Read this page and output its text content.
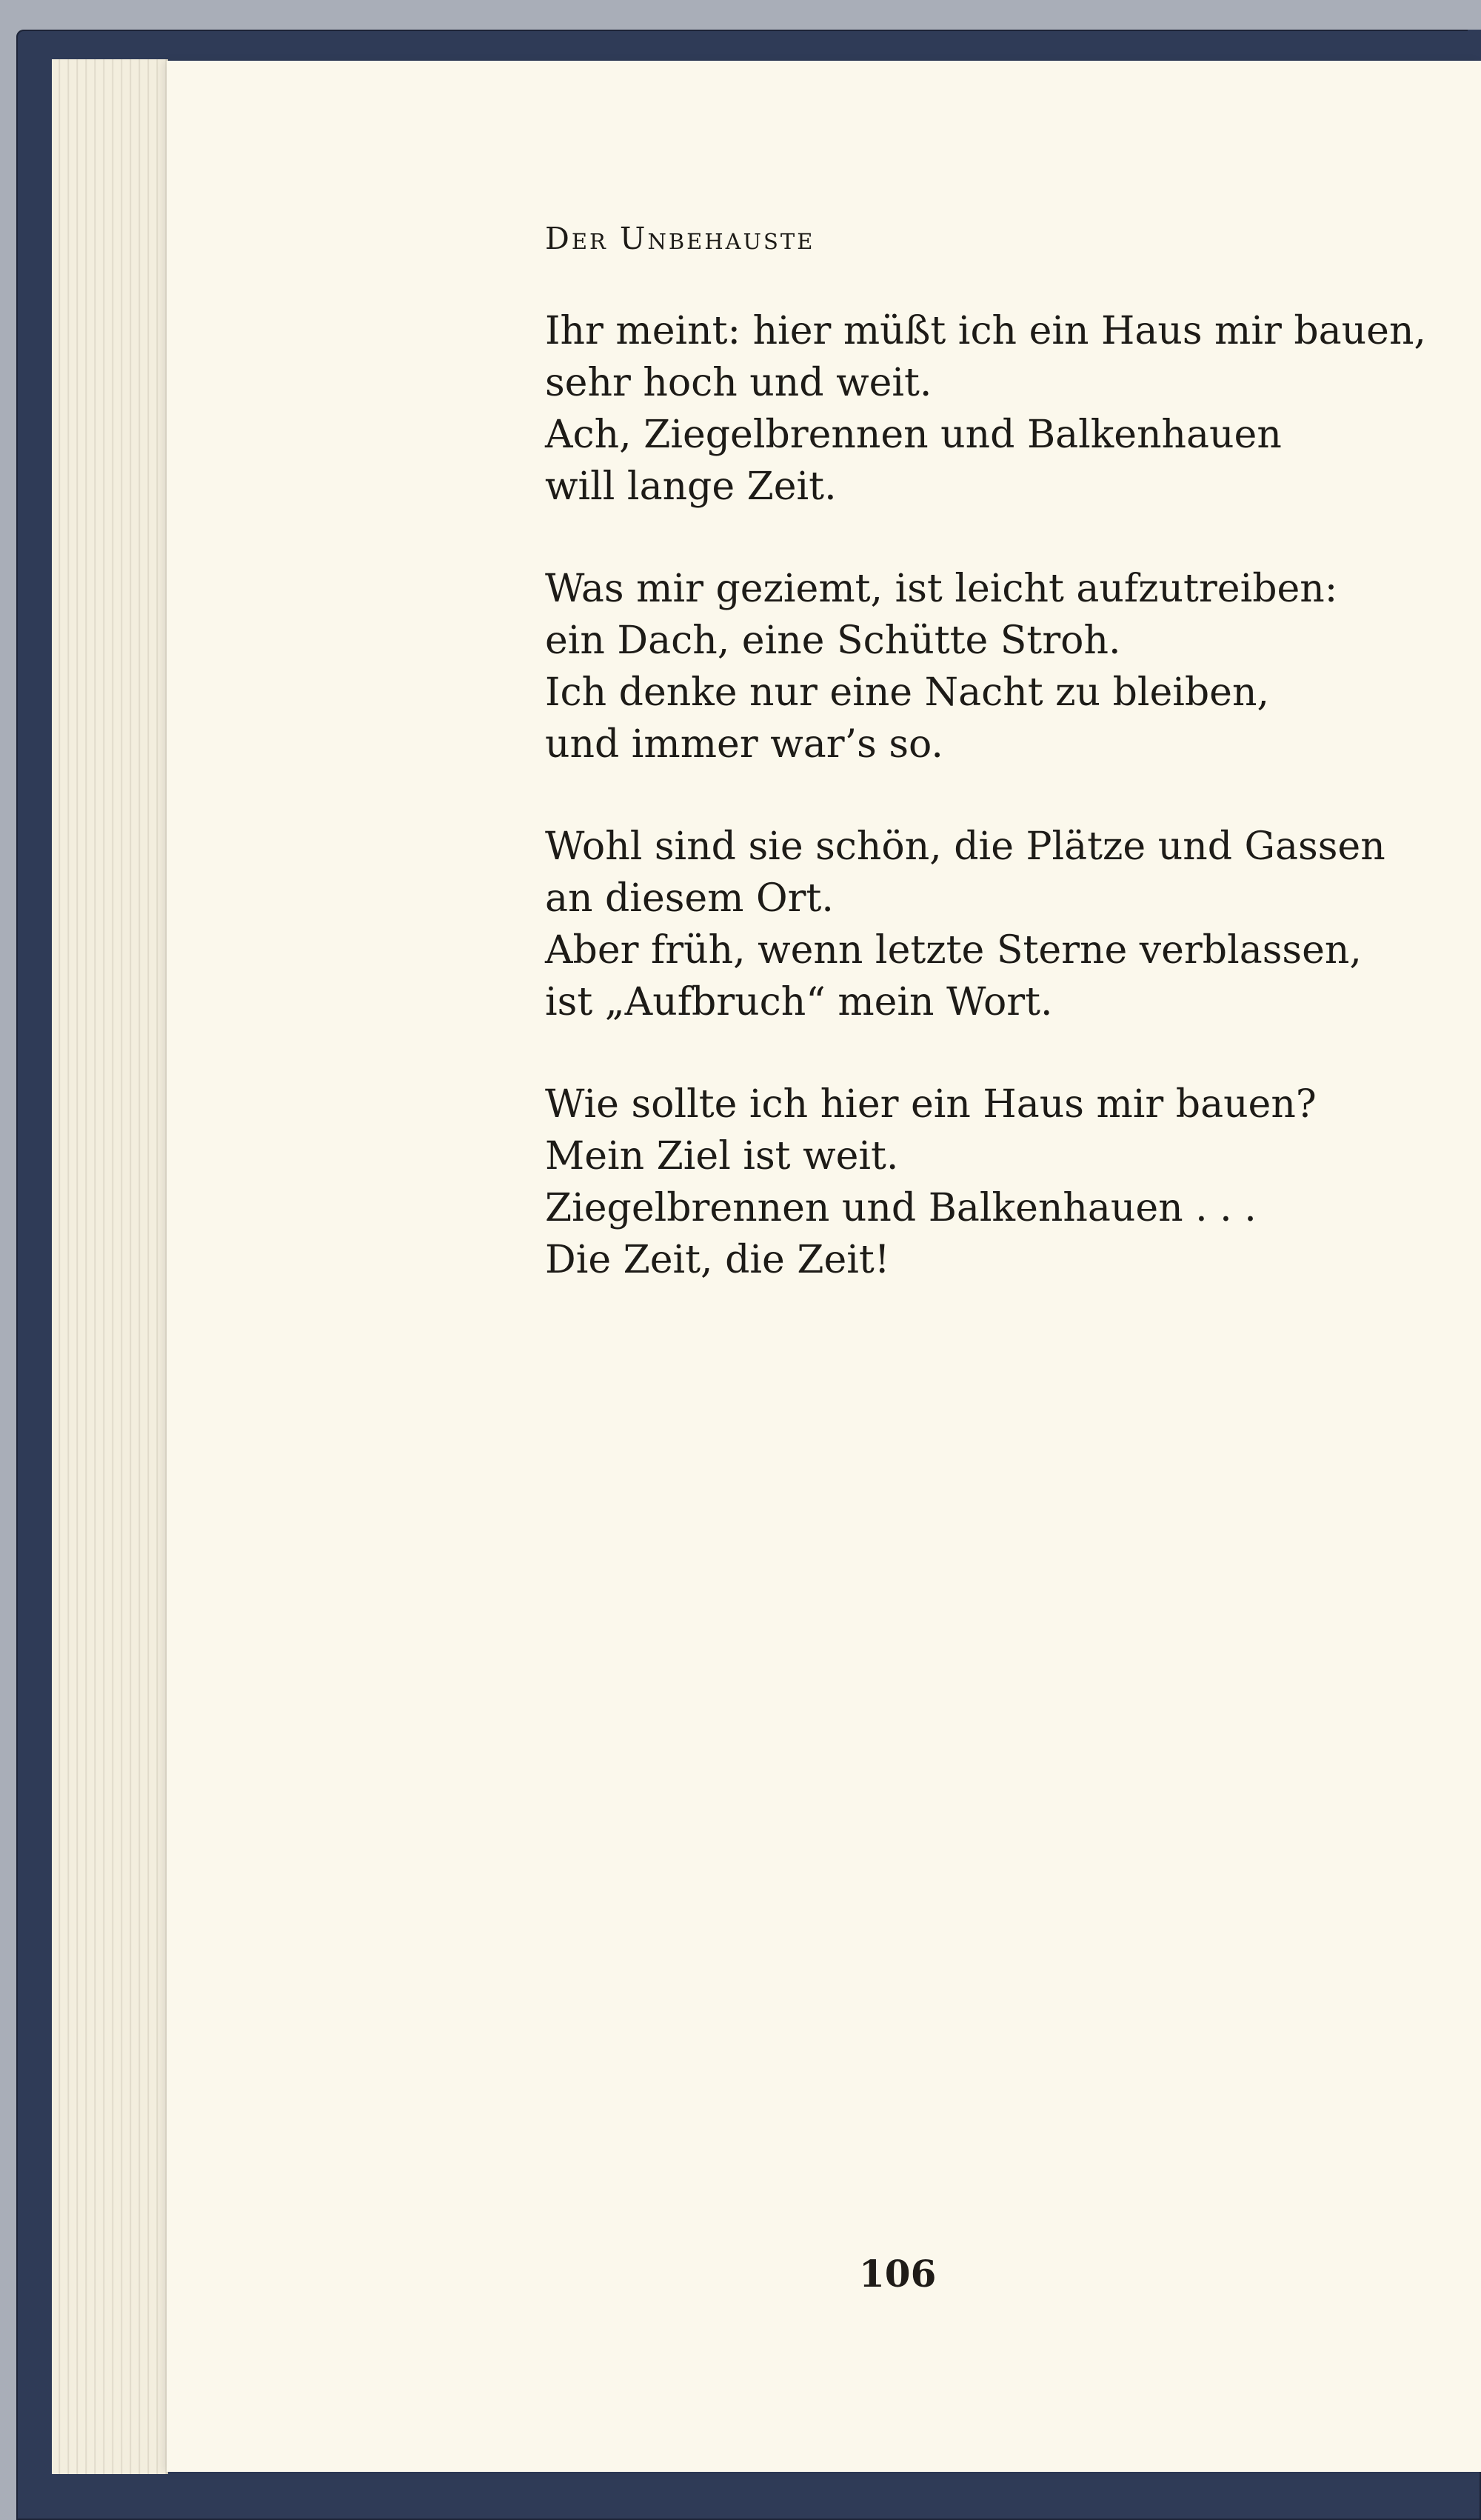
Der Unbehauste
Ihr meint: hier müßt ich ein Haus mir bauen,
sehr hoch und weit.
Ach, Ziegelbrennen und Balkenhauen
will lange Zeit.
Was mir geziemt, ist leicht aufzutreiben:
ein Dach, eine Schütte Stroh.
Ich denke nur eine Nacht zu bleiben,
und immer war’s so.
Wohl sind sie schön, die Plätze und Gassen
an diesem Ort.
Aber früh, wenn letzte Sterne verblassen,
ist „Aufbruch“ mein Wort.
Wie sollte ich hier ein Haus mir bauen?
Mein Ziel ist weit.
Ziegelbrennen und Balkenhauen . . .
Die Zeit, die Zeit!
106
